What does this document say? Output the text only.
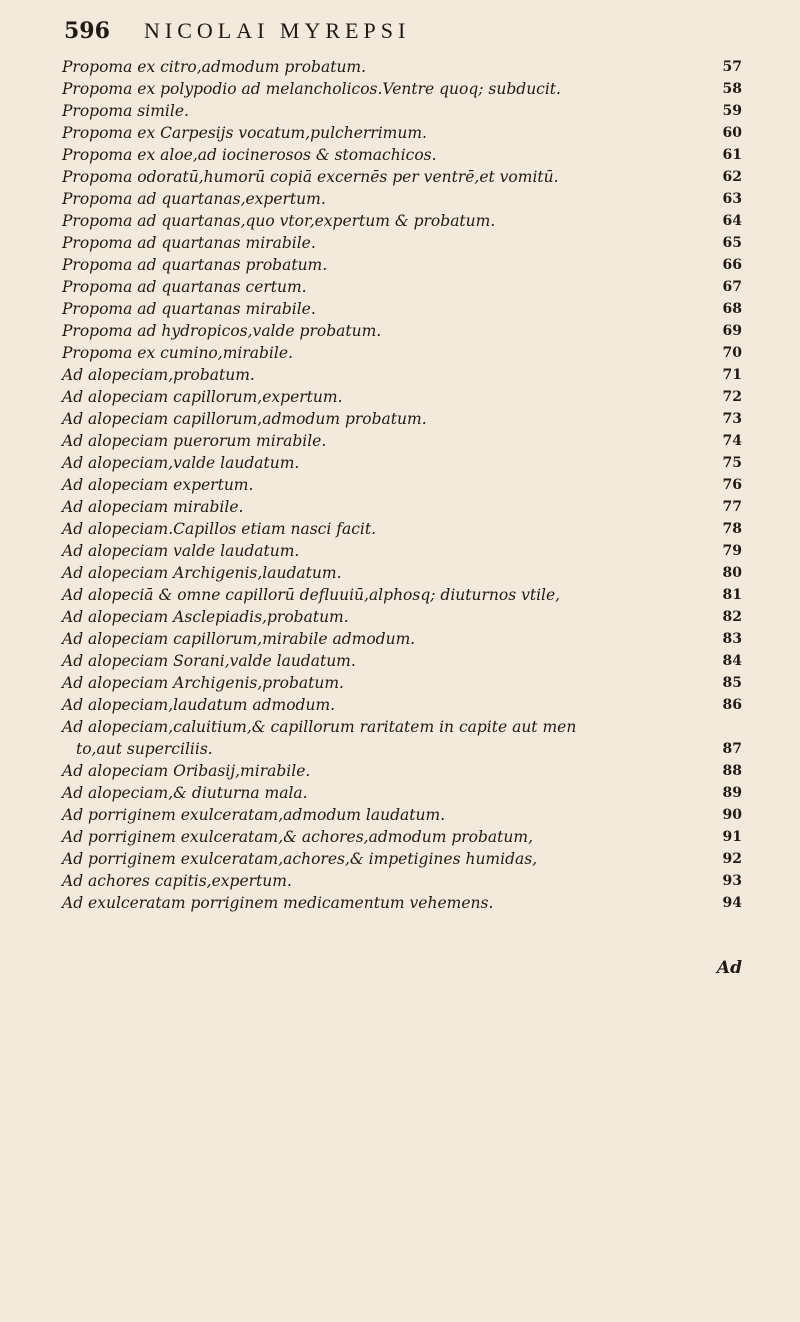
596 NICOLAI MYREPSI
Propoma ex citro,admodum probatum.	57
Propoma ex polypodio ad melancholicos.Ventre quoq; subducit.	58
Propoma simile.	59
Propoma ex Carpesijs vocatum,pulcherrimum.	60
Propoma ex aloe,ad iocinerosos & stomachicos.	61
Propoma odoratū,humorū copiā excernēs per ventrē,et vomitū.	62
Propoma ad quartanas,expertum.	63
Propoma ad quartanas,quo vtor,expertum & probatum.	64
Propoma ad quartanas mirabile.	65
Propoma ad quartanas probatum.	66
Propoma ad quartanas certum.	67
Propoma ad quartanas mirabile.	68
Propoma ad hydropicos,valde probatum.	69
Propoma ex cumino,mirabile.	70
Ad alopeciam,probatum.	71
Ad alopeciam capillorum,expertum.	72
Ad alopeciam capillorum,admodum probatum.	73
Ad alopeciam puerorum mirabile.	74
Ad alopeciam,valde laudatum.	75
Ad alopeciam expertum.	76
Ad alopeciam mirabile.	77
Ad alopeciam.Capillos etiam nasci facit.	78
Ad alopeciam valde laudatum.	79
Ad alopeciam Archigenis,laudatum.	80
Ad alopeciā & omne capillorū defluuiū,alphosq; diuturnos vtile,	81
Ad alopeciam Asclepiadis,probatum.	82
Ad alopeciam capillorum,mirabile admodum.	83
Ad alopeciam Sorani,valde laudatum.	84
Ad alopeciam Archigenis,probatum.	85
Ad alopeciam,laudatum admodum.	86
Ad alopeciam,caluitium,& capillorum raritatem in capite aut men
to,aut superciliis.	87
Ad alopeciam Oribasij,mirabile.	88
Ad alopeciam,& diuturna mala.	89
Ad porriginem exulceratam,admodum laudatum.	90
Ad porriginem exulceratam,& achores,admodum probatum,	91
Ad porriginem exulceratam,achores,& impetigines humidas,	92
Ad achores capitis,expertum.	93
Ad exulceratam porriginem medicamentum vehemens.	94
Ad
